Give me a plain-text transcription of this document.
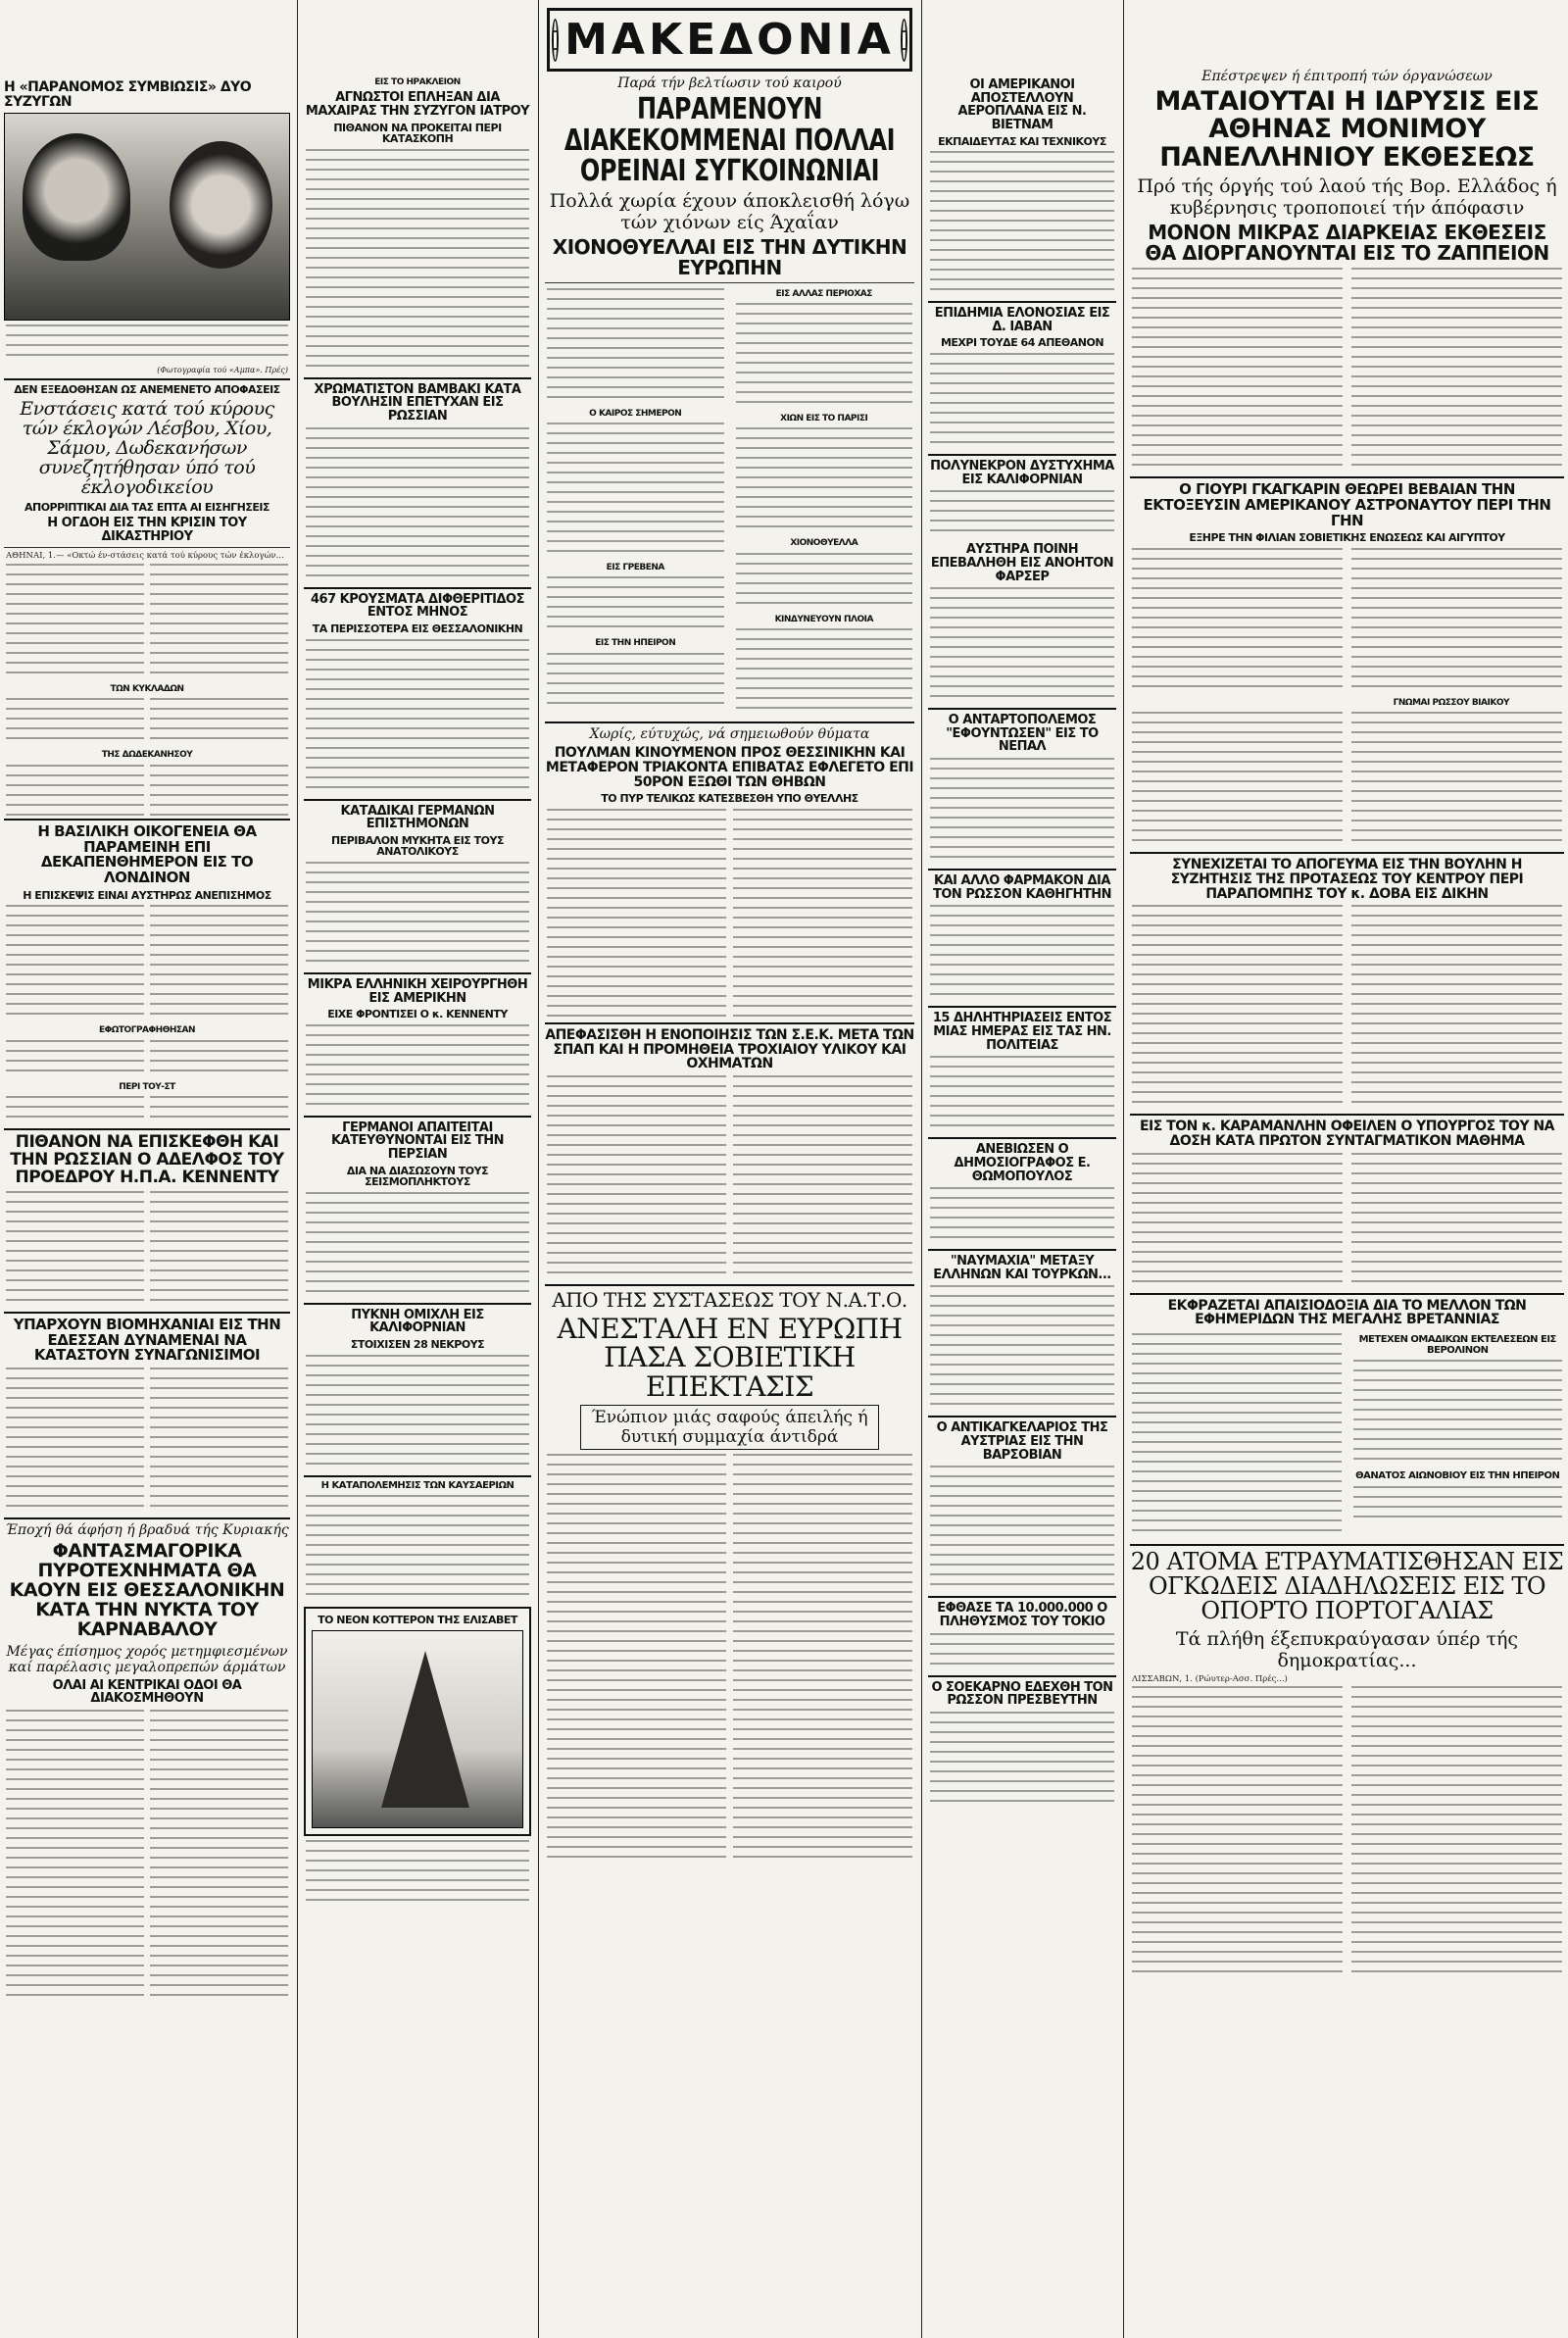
Η «ΠΑΡΑΝΟΜΟΣ ΣΥΜΒΙΩΣΙΣ» ΔΥΟ ΣΥΖΥΓΩΝ
(Φωτογραφία τού «Αμπα». Πρές)
ΔΕΝ ΕΞΕΔΟΘΗΣΑΝ ΩΣ ΑΝΕΜΕΝΕΤΟ ΑΠΟΦΑΣΕΙΣ
Ενστάσεις κατά τού κύρους τών έκλογών Λέσβου, Χίου, Σάμου, Δωδεκανήσων συνεζητήθησαν ύπό τού έκλογοδικείου
ΑΠΟΡΡΙΠΤΙΚΑΙ ΔΙΑ ΤΑΣ ΕΠΤΑ ΑΙ ΕΙΣΗΓΗΣΕΙΣ
Η ΟΓΔΟΗ ΕΙΣ ΤΗΝ ΚΡΙΣΙΝ ΤΟΥ ΔΙΚΑΣΤΗΡΙΟΥ
ΑΘΗΝΑΙ, 1.— «Οκτώ έν-στάσεις κατά τού κύρους τών έκλογών...
ΤΩΝ ΚΥΚΛΑΔΩΝ
ΤΗΣ ΔΩΔΕΚΑΝΗΣΟΥ
Η ΒΑΣΙΛΙΚΗ ΟΙΚΟΓΕΝΕΙΑ ΘΑ ΠΑΡΑΜΕΙΝΗ ΕΠΙ ΔΕΚΑΠΕΝΘΗΜΕΡΟΝ ΕΙΣ ΤΟ ΛΟΝΔΙΝΟΝ
Η ΕΠΙΣΚΕΨΙΣ ΕΙΝΑΙ ΑΥΣΤΗΡΩΣ ΑΝΕΠΙΣΗΜΟΣ
ΕΦΩΤΟΓΡΑΦΗΘΗΣΑΝ
ΠΕΡΙ ΤΟΥ-ΣΤ
ΠΙΘΑΝΟΝ ΝΑ ΕΠΙΣΚΕΦΘΗ ΚΑΙ ΤΗΝ ΡΩΣΣΙΑΝ Ο ΑΔΕΛΦΟΣ ΤΟΥ ΠΡΟΕΔΡΟΥ Η.Π.Α. ΚΕΝΝΕΝΤΥ
ΥΠΑΡΧΟΥΝ ΒΙΟΜΗΧΑΝΙΑΙ ΕΙΣ ΤΗΝ ΕΔΕΣΣΑΝ ΔΥΝΑΜΕΝΑΙ ΝΑ ΚΑΤΑΣΤΟΥΝ ΣΥΝΑΓΩΝΙΣΙΜΟΙ
Έποχή θά άφήση ή βραδυά τής Κυριακής
ΦΑΝΤΑΣΜΑΓΟΡΙΚΑ ΠΥΡΟΤΕΧΝΗΜΑΤΑ ΘΑ ΚΑΟΥΝ ΕΙΣ ΘΕΣΣΑΛΟΝΙΚΗΝ ΚΑΤΑ ΤΗΝ ΝΥΚΤΑ ΤΟΥ ΚΑΡΝΑΒΑΛΟΥ
Μέγας έπίσημος χορός μετημφιεσμένων καί παρέλασις μεγαλοπρεπών άρμάτων
ΟΛΑΙ ΑΙ ΚΕΝΤΡΙΚΑΙ ΟΔΟΙ ΘΑ ΔΙΑΚΟΣΜΗΘΟΥΝ
ΕΙΣ ΤΟ ΗΡΑΚΛΕΙΟΝ
ΑΓΝΩΣΤΟΙ ΕΠΛΗΞΑΝ ΔΙΑ ΜΑΧΑΙΡΑΣ ΤΗΝ ΣΥΖΥΓΟΝ ΙΑΤΡΟΥ
ΠΙΘΑΝΟΝ ΝΑ ΠΡΟΚΕΙΤΑΙ ΠΕΡΙ ΚΑΤΑΣΚΟΠΗ
ΧΡΩΜΑΤΙΣΤΟΝ ΒΑΜΒΑΚΙ ΚΑΤΑ ΒΟΥΛΗΣΙΝ ΕΠΕΤΥΧΑΝ ΕΙΣ ΡΩΣΣΙΑΝ
467 ΚΡΟΥΣΜΑΤΑ ΔΙΦΘΕΡΙΤΙΔΟΣ ΕΝΤΟΣ ΜΗΝΟΣ
ΤΑ ΠΕΡΙΣΣΟΤΕΡΑ ΕΙΣ ΘΕΣΣΑΛΟΝΙΚΗΝ
ΚΑΤΑΔΙΚΑΙ ΓΕΡΜΑΝΩΝ ΕΠΙΣΤΗΜΟΝΩΝ
ΠΕΡΙΒΑΛΟΝ ΜΥΚΗΤΑ ΕΙΣ ΤΟΥΣ ΑΝΑΤΟΛΙΚΟΥΣ
ΜΙΚΡΑ ΕΛΛΗΝΙΚΗ ΧΕΙΡΟΥΡΓΗΘΗ ΕΙΣ ΑΜΕΡΙΚΗΝ
ΕΙΧΕ ΦΡΟΝΤΙΣΕΙ Ο κ. ΚΕΝΝΕΝΤΥ
ΓΕΡΜΑΝΟΙ ΑΠΑΙΤΕΙΤΑΙ ΚΑΤΕΥΘΥΝΟΝΤΑΙ ΕΙΣ ΤΗΝ ΠΕΡΣΙΑΝ
ΔΙΑ ΝΑ ΔΙΑΣΩΣΟΥΝ ΤΟΥΣ ΣΕΙΣΜΟΠΛΗΚΤΟΥΣ
ΠΥΚΝΗ ΟΜΙΧΛΗ ΕΙΣ ΚΑΛΙΦΟΡΝΙΑΝ
ΣΤΟΙΧΙΣΕΝ 28 ΝΕΚΡΟΥΣ
Η ΚΑΤΑΠΟΛΕΜΗΣΙΣ ΤΩΝ ΚΑΥΣΑΕΡΙΩΝ
ΤΟ ΝΕΟΝ ΚΟΤΤΕΡΟΝ ΤΗΣ ΕΛΙΣΑΒΕΤ
ΜΑΚΕΔΟΝΙΑ
Παρά τήν βελτίωσιν τού καιρού
ΠΑΡΑΜΕΝΟΥΝ ΔΙΑΚΕΚΟΜΜΕΝΑΙ ΠΟΛΛΑΙ ΟΡΕΙΝΑΙ ΣΥΓΚΟΙΝΩΝΙΑΙ
Πολλά χωρία έχουν άποκλεισθή λόγω τών χιόνων είς Άχαΐαν
ΧΙΟΝΟΘΥΕΛΛΑΙ ΕΙΣ ΤΗΝ ΔΥΤΙΚΗΝ ΕΥΡΩΠΗΝ
Ο ΚΑΙΡΟΣ ΣΗΜΕΡΟΝ
ΕΙΣ ΓΡΕΒΕΝΑ
ΕΙΣ ΤΗΝ ΗΠΕΙΡΟΝ
ΕΙΣ ΑΛΛΑΣ ΠΕΡΙΟΧΑΣ
ΧΙΩΝ ΕΙΣ ΤΟ ΠΑΡΙΣΙ
ΧΙΟΝΟΘΥΕΛΛΑ
ΚΙΝΔΥΝΕΥΟΥΝ ΠΛΟΙΑ
Χωρίς, εύτυχώς, νά σημειωθούν θύματα
ΠΟΥΛΜΑΝ ΚΙΝΟΥΜΕΝΟΝ ΠΡΟΣ ΘΕΣΣΙΝΙΚΗΝ ΚΑΙ ΜΕΤΑΦΕΡΟΝ ΤΡΙΑΚΟΝΤΑ ΕΠΙΒΑΤΑΣ ΕΦΛΕΓΕΤΟ ΕΠΙ 50ΡΟΝ ΕΞΩΘΙ ΤΩΝ ΘΗΒΩΝ
ΤΟ ΠΥΡ ΤΕΛΙΚΩΣ ΚΑΤΕΣΒΕΣΘΗ ΥΠΟ ΘΥΕΛΛΗΣ
ΑΠΕΦΑΣΙΣΘΗ Η ΕΝΟΠΟΙΗΣΙΣ ΤΩΝ Σ.Ε.Κ. ΜΕΤΑ ΤΩΝ ΣΠΑΠ ΚΑΙ Η ΠΡΟΜΗΘΕΙΑ ΤΡΟΧΙΑΙΟΥ ΥΛΙΚΟΥ ΚΑΙ ΟΧΗΜΑΤΩΝ
ΑΠΟ ΤΗΣ ΣΥΣΤΑΣΕΩΣ ΤΟΥ Ν.Α.Τ.Ο.
ΑΝΕΣΤΑΛΗ ΕΝ ΕΥΡΩΠΗ ΠΑΣΑ ΣΟΒΙΕΤΙΚΗ ΕΠΕΚΤΑΣΙΣ
Ένώπιον μιάς σαφούς άπειλής ή δυτική συμμαχία άντιδρά
ΟΙ ΑΜΕΡΙΚΑΝΟΙ ΑΠΟΣΤΕΛΛΟΥΝ ΑΕΡΟΠΛΑΝΑ ΕΙΣ Ν. ΒΙΕΤΝΑΜ
ΕΚΠΑΙΔΕΥΤΑΣ ΚΑΙ ΤΕΧΝΙΚΟΥΣ
ΕΠΙΔΗΜΙΑ ΕΛΟΝΟΣΙΑΣ ΕΙΣ Δ. ΙΑΒΑΝ
ΜΕΧΡΙ ΤΟΥΔΕ 64 ΑΠΕΘΑΝΟΝ
ΠΟΛΥΝΕΚΡΟΝ ΔΥΣΤΥΧΗΜΑ ΕΙΣ ΚΑΛΙΦΟΡΝΙΑΝ
ΑΥΣΤΗΡΑ ΠΟΙΝΗ ΕΠΕΒΑΛΗΘΗ ΕΙΣ ΑΝΟΗΤΟΝ ΦΑΡΣΕΡ
Ο ΑΝΤΑΡΤΟΠΟΛΕΜΟΣ "ΕΦΟΥΝΤΩΣΕΝ" ΕΙΣ ΤΟ ΝΕΠΑΛ
ΚΑΙ ΑΛΛΟ ΦΑΡΜΑΚΟΝ ΔΙΑ ΤΟΝ ΡΩΣΣΟΝ ΚΑΘΗΓΗΤΗΝ
15 ΔΗΛΗΤΗΡΙΑΣΕΙΣ ΕΝΤΟΣ ΜΙΑΣ ΗΜΕΡΑΣ ΕΙΣ ΤΑΣ ΗΝ. ΠΟΛΙΤΕΙΑΣ
ΑΝΕΒΙΩΣΕΝ Ο ΔΗΜΟΣΙΟΓΡΑΦΟΣ Ε. ΘΩΜΟΠΟΥΛΟΣ
"ΝΑΥΜΑΧΙΑ" ΜΕΤΑΞΥ ΕΛΛΗΝΩΝ ΚΑΙ ΤΟΥΡΚΩΝ...
Ο ΑΝΤΙΚΑΓΚΕΛΑΡΙΟΣ ΤΗΣ ΑΥΣΤΡΙΑΣ ΕΙΣ ΤΗΝ ΒΑΡΣΟΒΙΑΝ
ΕΦΘΑΣΕ ΤΑ 10.000.000 Ο ΠΛΗΘΥΣΜΟΣ ΤΟΥ ΤΟΚΙΟ
Ο ΣΟΕΚΑΡΝΟ ΕΔΕΧΘΗ ΤΟΝ ΡΩΣΣΟΝ ΠΡΕΣΒΕΥΤΗΝ
Επέστρεψεν ή έπιτροπή τών όργανώσεων
ΜΑΤΑΙΟΥΤΑΙ Η ΙΔΡΥΣΙΣ ΕΙΣ ΑΘΗΝΑΣ ΜΟΝΙΜΟΥ ΠΑΝΕΛΛΗΝΙΟΥ ΕΚΘΕΣΕΩΣ
Πρό τής όργής τού λαού τής Βορ. Ελλάδος ή κυβέρνησις τροποποιεί τήν άπόφασιν
ΜΟΝΟΝ ΜΙΚΡΑΣ ΔΙΑΡΚΕΙΑΣ ΕΚΘΕΣΕΙΣ ΘΑ ΔΙΟΡΓΑΝΟΥΝΤΑΙ ΕΙΣ ΤΟ ΖΑΠΠΕΙΟΝ
Ο ΓΙΟΥΡΙ ΓΚΑΓΚΑΡΙΝ ΘΕΩΡΕΙ ΒΕΒΑΙΑΝ ΤΗΝ ΕΚΤΟΞΕΥΣΙΝ ΑΜΕΡΙΚΑΝΟΥ ΑΣΤΡΟΝΑΥΤΟΥ ΠΕΡΙ ΤΗΝ ΓΗΝ
ΕΞΗΡΕ ΤΗΝ ΦΙΛΙΑΝ ΣΟΒΙΕΤΙΚΗΣ ΕΝΩΣΕΩΣ ΚΑΙ ΑΙΓΥΠΤΟΥ
ΓΝΩΜΑΙ ΡΩΣΣΟΥ ΒΙΑΙΚΟΥ
ΣΥΝΕΧΙΖΕΤΑΙ ΤΟ ΑΠΟΓΕΥΜΑ ΕΙΣ ΤΗΝ ΒΟΥΛΗΝ Η ΣΥΖΗΤΗΣΙΣ ΤΗΣ ΠΡΟΤΑΣΕΩΣ ΤΟΥ ΚΕΝΤΡΟΥ ΠΕΡΙ ΠΑΡΑΠΟΜΠΗΣ ΤΟΥ κ. ΔΟΒΑ ΕΙΣ ΔΙΚΗΝ
ΕΙΣ ΤΟΝ κ. ΚΑΡΑΜΑΝΛΗΝ ΟΦΕΙΛΕΝ Ο ΥΠΟΥΡΓΟΣ ΤΟΥ ΝΑ ΔΟΣΗ ΚΑΤΑ ΠΡΩΤΟΝ ΣΥΝΤΑΓΜΑΤΙΚΟΝ ΜΑΘΗΜΑ
ΕΚΦΡΑΖΕΤΑΙ ΑΠΑΙΣΙΟΔΟΞΙΑ ΔΙΑ ΤΟ ΜΕΛΛΟΝ ΤΩΝ ΕΦΗΜΕΡΙΔΩΝ ΤΗΣ ΜΕΓΑΛΗΣ ΒΡΕΤΑΝΝΙΑΣ
ΜΕΤΕΧΕΝ ΟΜΑΔΙΚΩΝ ΕΚΤΕΛΕΣΕΩΝ ΕΙΣ ΒΕΡΟΛΙΝΟΝ
ΘΑΝΑΤΟΣ ΑΙΩΝΟΒΙΟΥ ΕΙΣ ΤΗΝ ΗΠΕΙΡΟΝ
20 ΑΤΟΜΑ ΕΤΡΑΥΜΑΤΙΣΘΗΣΑΝ ΕΙΣ ΟΓΚΩΔΕΙΣ ΔΙΑΔΗΛΩΣΕΙΣ ΕΙΣ ΤΟ ΟΠΟΡΤΟ ΠΟΡΤΟΓΑΛΙΑΣ
Τά πλήθη έξεπυκραύγασαν ύπέρ τής δημοκρατίας...
ΛΙΣΣΑΒΩΝ, 1. (Ρώυτερ-Ασσ. Πρές...)
